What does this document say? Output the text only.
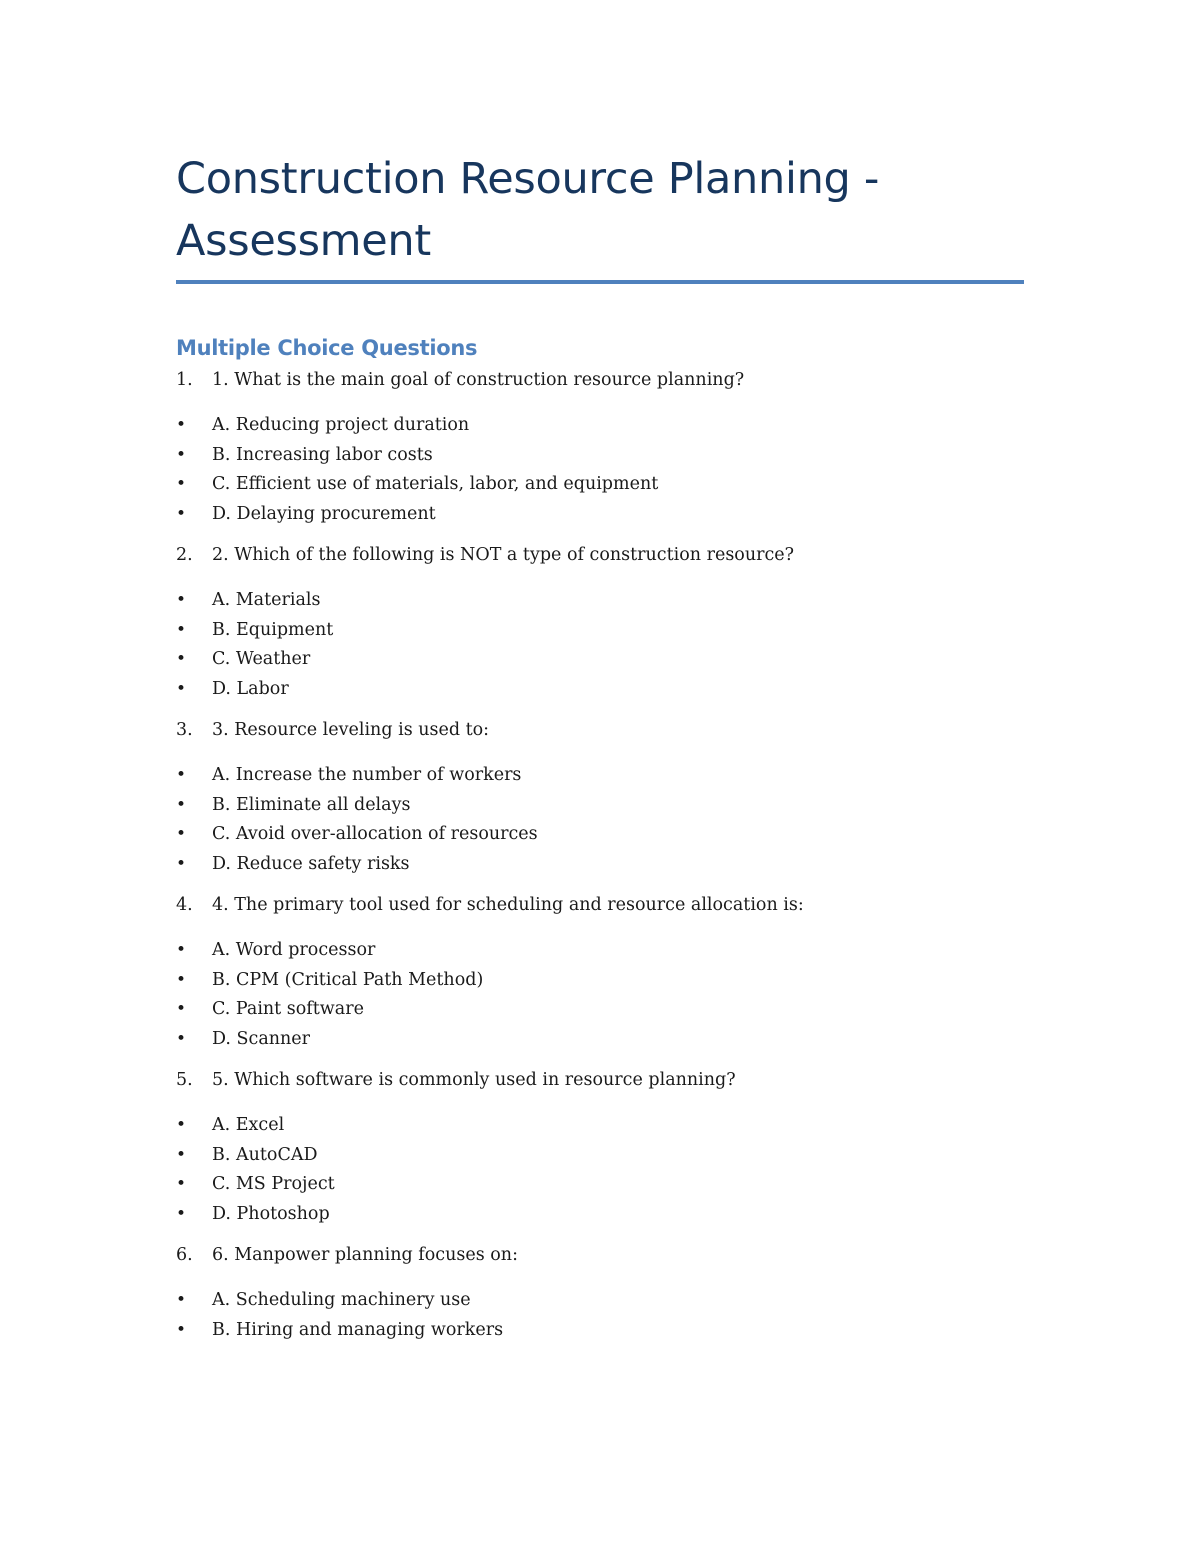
Construction Resource Planning - Assessment
Multiple Choice Questions
1.	1. What is the main goal of construction resource planning?
•	A. Reducing project duration
•	B. Increasing labor costs
•	C. Efficient use of materials, labor, and equipment
•	D. Delaying procurement
2.	2. Which of the following is NOT a type of construction resource?
•	A. Materials
•	B. Equipment
•	C. Weather
•	D. Labor
3.	3. Resource leveling is used to:
•	A. Increase the number of workers
•	B. Eliminate all delays
•	C. Avoid over-allocation of resources
•	D. Reduce safety risks
4.	4. The primary tool used for scheduling and resource allocation is:
•	A. Word processor
•	B. CPM (Critical Path Method)
•	C. Paint software
•	D. Scanner
5.	5. Which software is commonly used in resource planning?
•	A. Excel
•	B. AutoCAD
•	C. MS Project
•	D. Photoshop
6.	6. Manpower planning focuses on:
•	A. Scheduling machinery use
•	B. Hiring and managing workers
